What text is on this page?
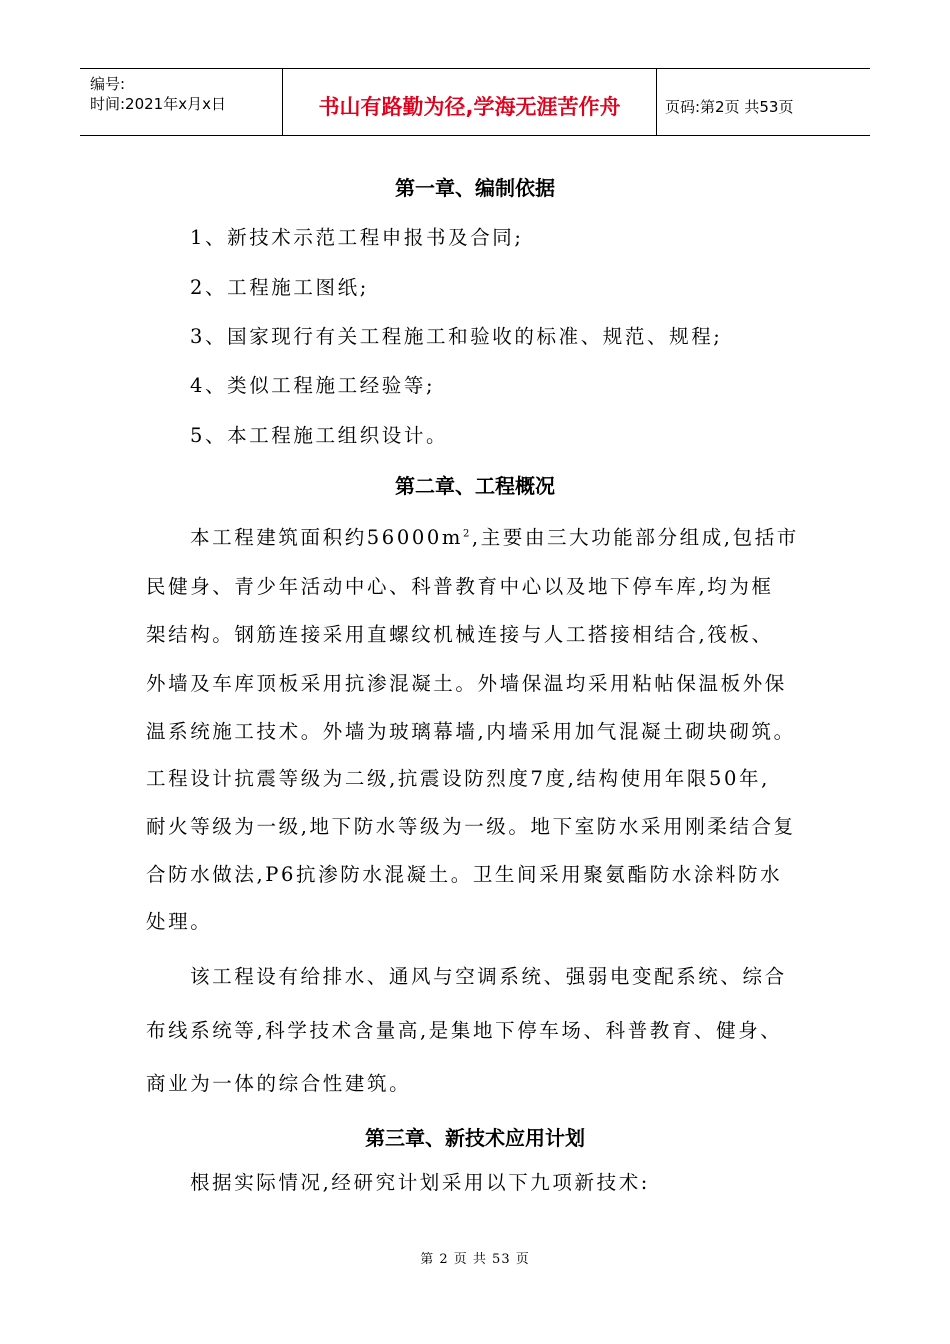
编号:
时间:2021年x月x日	书山有路勤为径,学海无涯苦作舟	页码:第2页 共53页
第一章、编制依据
1、新技术示范工程申报书及合同;
2、工程施工图纸;
3、国家现行有关工程施工和验收的标准、规范、规程;
4、类似工程施工经验等;
5、本工程施工组织设计。
第二章、工程概况
本工程建筑面积约$56000m^2$,主要由三大功能部分组成,包括市
民健身、青少年活动中心、科普教育中心以及地下停车库,均为框
架结构。钢筋连接采用直螺纹机械连接与人工搭接相结合,筏板、
外墙及车库顶板采用抗渗混凝土。外墙保温均采用粘帖保温板外保
温系统施工技术。外墙为玻璃幕墙,内墙采用加气混凝土砌块砌筑。
工程设计抗震等级为二级,抗震设防烈度7度,结构使用年限50年,
耐火等级为一级,地下防水等级为一级。地下室防水采用刚柔结合复
合防水做法,P6抗渗防水混凝土。卫生间采用聚氨酯防水涂料防水
处理。
该工程设有给排水、通风与空调系统、强弱电变配系统、综合
布线系统等,科学技术含量高,是集地下停车场、科普教育、健身、
商业为一体的综合性建筑。
第三章、新技术应用计划
根据实际情况,经研究计划采用以下九项新技术:
第 2 页 共 53 页
